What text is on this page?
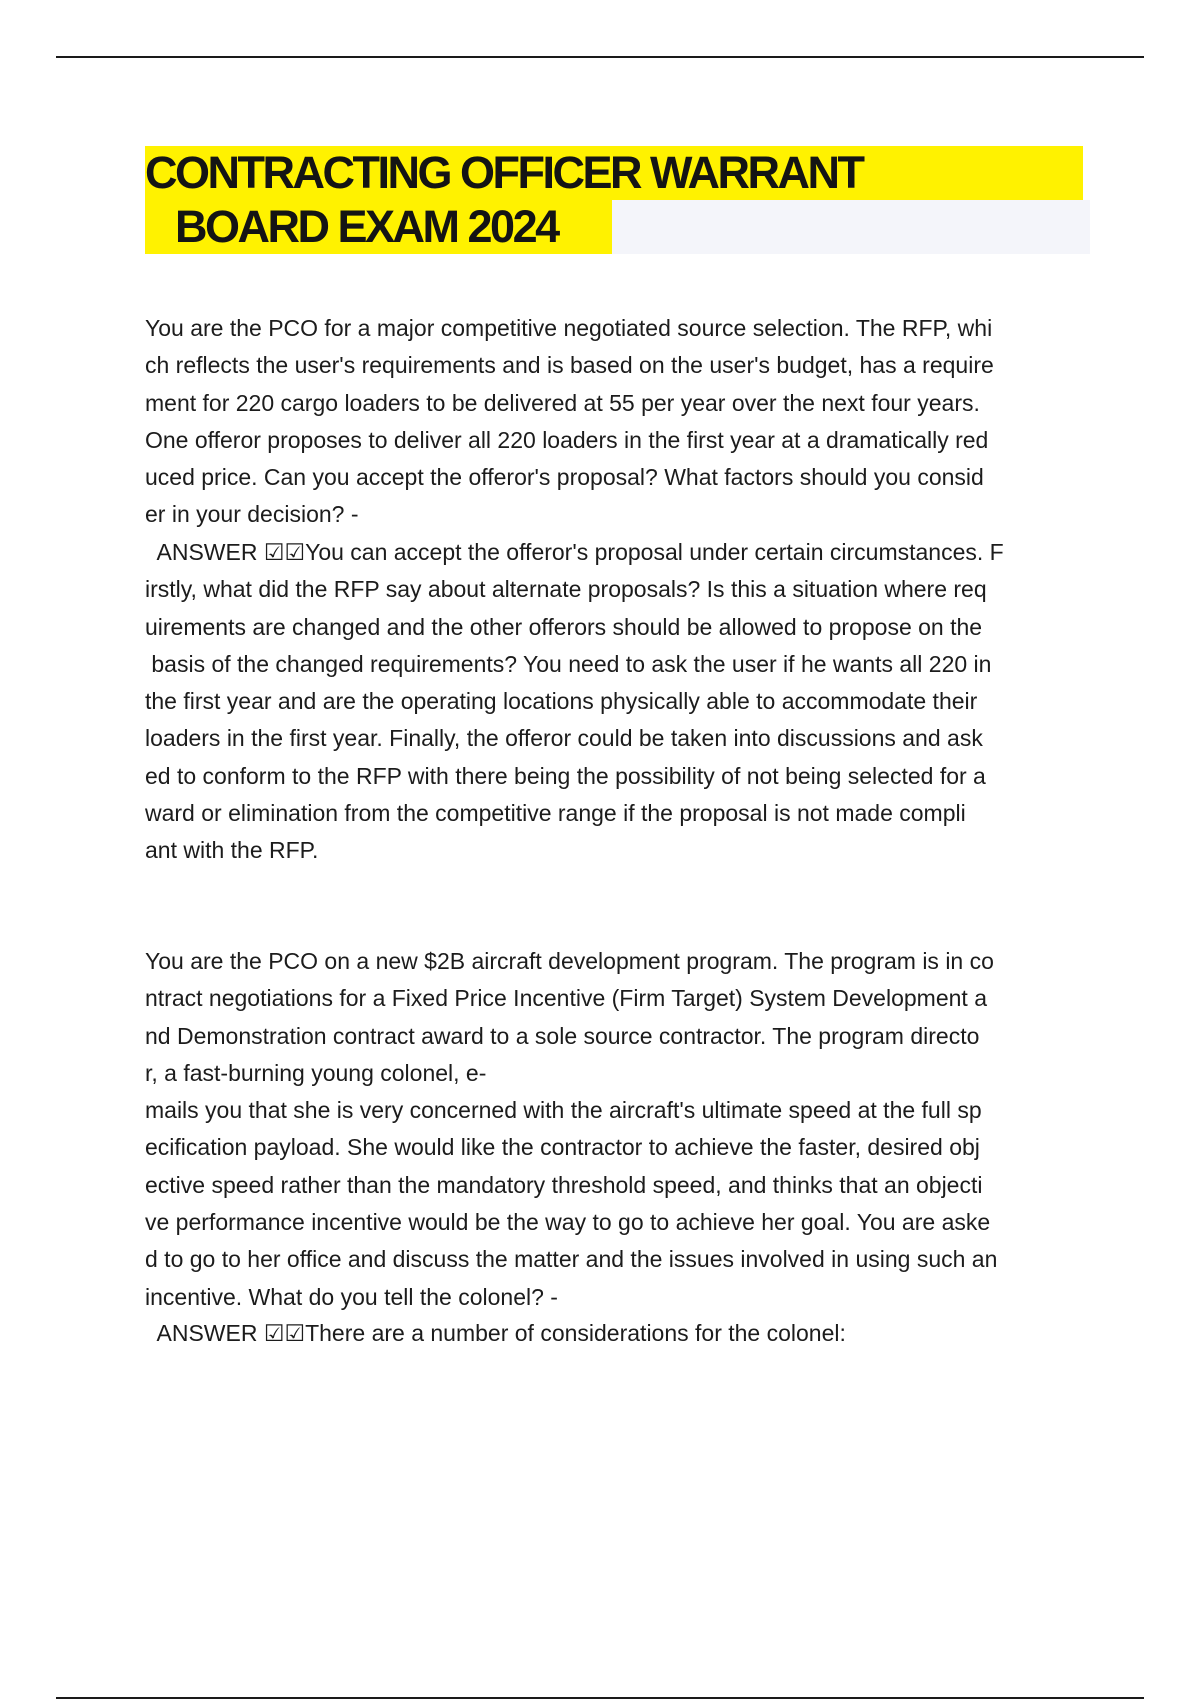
CONTRACTING OFFICER WARRANT
BOARD EXAM 2024
You are the PCO for a major competitive negotiated source selection. The RFP, whi
ch reflects the user's requirements and is based on the user's budget, has a require
ment for 220 cargo loaders to be delivered at 55 per year over the next four years.
One offeror proposes to deliver all 220 loaders in the first year at a dramatically red
uced price. Can you accept the offeror's proposal? What factors should you consid
er in your decision? -
ANSWER ☑☑You can accept the offeror's proposal under certain circumstances. F
irstly, what did the RFP say about alternate proposals? Is this a situation where req
uirements are changed and the other offerors should be allowed to propose on the
basis of the changed requirements? You need to ask the user if he wants all 220 in
the first year and are the operating locations physically able to accommodate their
loaders in the first year. Finally, the offeror could be taken into discussions and ask
ed to conform to the RFP with there being the possibility of not being selected for a
ward or elimination from the competitive range if the proposal is not made compli
ant with the RFP.
You are the PCO on a new $2B aircraft development program. The program is in co
ntract negotiations for a Fixed Price Incentive (Firm Target) System Development a
nd Demonstration contract award to a sole source contractor. The program directo
r, a fast-burning young colonel, e-
mails you that she is very concerned with the aircraft's ultimate speed at the full sp
ecification payload. She would like the contractor to achieve the faster, desired obj
ective speed rather than the mandatory threshold speed, and thinks that an objecti
ve performance incentive would be the way to go to achieve her goal. You are aske
d to go to her office and discuss the matter and the issues involved in using such an
incentive. What do you tell the colonel? -
ANSWER ☑☑There are a number of considerations for the colonel:
